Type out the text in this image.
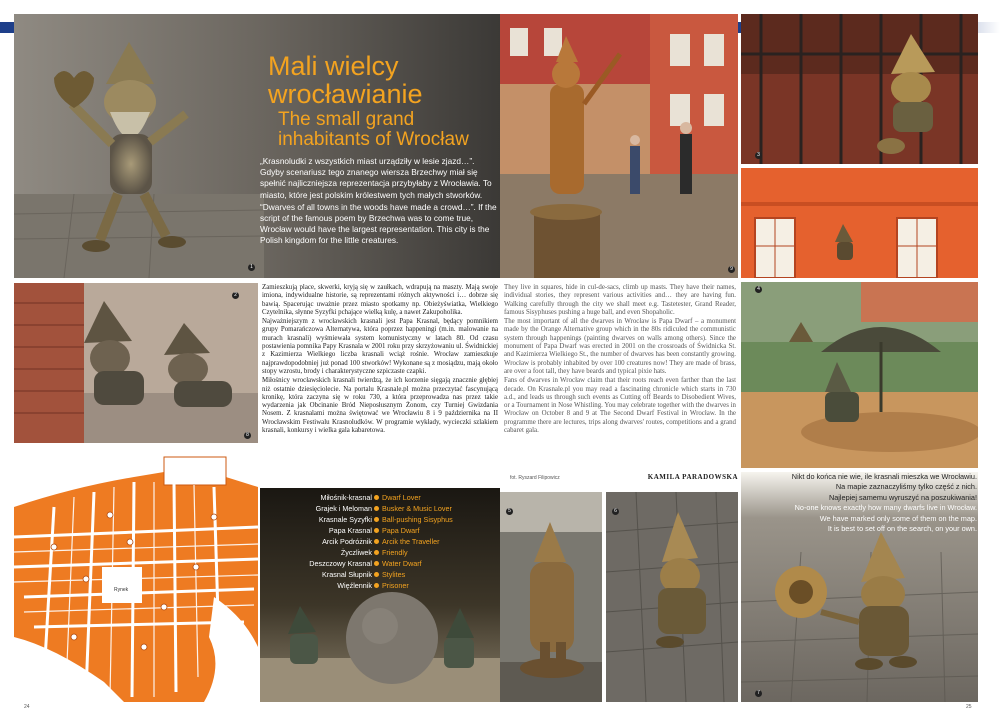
Mali wielcy wrocławianie
The small grand inhabitants of Wrocław

„Krasnoludki z wszystkich miast urządziły w lesie zjazd…”. Gdyby scenariusz tego znanego wiersza Brzechwy miał się spełnić najliczniejsza reprezentacja przybyłaby z Wrocławia. To miasto, które jest polskim królestwem tych małych stworków.

“Dwarves of all towns in the woods have made a crowd…”. If the script of the famous poem by Brzechwa was to come true, Wrocław would have the largest representation. This city is the Polish kingdom for the little creatures.

1
2
Rynek

Zamieszkują place, skwerki, kryją się w zaułkach, wdrapują na maszty. Mają swoje imiona, indywidualne historie, są reprezentami różnych aktywności i… dobrze się bawią. Spacerując uważnie przez miasto spotkamy np. Obieżyświatka, Wielkiego Czytelnika, słynne Syzyfki pchające wielką kulę, a nawet Zakupoholika.

Najważniejszym z wrocławskich krasnali jest Papa Krasnal, będący pomnikiem grupy Pomarańczowa Alternatywa, która poprzez happeningi (m.in. malowanie na murach krasnali) wyśmiewała system komunistyczny w latach 80. Od czasu postawienia pomnika Papy Krasnala w 2001 roku przy skrzyżowaniu ul. Świdnickiej z Kazimierza Wielkiego liczba krasnali wciąż rośnie. Wrocław zamieszkuje najprawdopodobniej już ponad 100 stworków! Wykonane są z mosiądzu, mają około stopy wzrostu, brody i charakterystyczne szpiczaste czapki.

Miłośnicy wrocławskich krasnali twierdzą, że ich korzenie sięgają znacznie głębiej niż ostatnie dziesięciolecie. Na portalu Krasnale.pl można przeczytać fascynującą kronikę, która zaczyna się w roku 730, a która przeprowadza nas przez takie wydarzenia jak Obcinanie Bród Nieposłusznym Żonom, czy Turniej Gwizdania Nosem. Z krasnalami można świętować we Wrocławiu 8 i 9 października na II Wrocławskim Festiwalu Krasnoludków. W programie wykłady, wycieczki szlakiem krasnali, konkursy i wielka gala kabaretowa.

Miłośnik-krasnal Dwarf Lover
Grajek i Meloman Busker & Music Lover
Krasnale Syzyfki Ball-pushing Sisyphus
Papa Krasnal Papa Dwarf
Arcik Podróżnik Arcik the Traveller
Życzliwek Friendly
Deszczowy Krasnal Water Dwarf
Krasnal Słupnik Stylites
Więźlennik Prisoner
24
3

They live in squares, hide in cul-de-sacs, climb up masts. They have their names, individual stories, they represent various activities and… they are having fun. Walking carefully through the city we shall meet e.g. Tastetester, Grand Reader, famous Sisyphuses pushing a huge ball, and even Shopaholic.

The most important of all the dwarves in Wrocław is Papa Dwarf – a monument made by the Orange Alternative group which in the 80s ridiculed the communistic system through happenings (painting dwarves on walls among others). Since the monument of Papa Dwarf was erected in 2001 on the crossroads of Świdnicka St. and Kazimierza Wielkiego St., the number of dwarves has been constantly growing. Wrocław is probably inhabited by over 100 creatures now! They are made of brass, are over a foot tall, they have beards and typical pixie hats.

Fans of dwarves in Wrocław claim that their roots reach even farther than the last decade. On Krasnale.pl you may read a fascinating chronicle which starts in 730 a.d., and leads us through such events as Cutting off Beards to Disobedient Wives, or a Tournament in Nose Whistling. You may celebrate together with the dwarves in Wrocław on October 8 and 9 at The Second Dwarf Festival in Wrocław. In the programme there are lectures, trips along dwarves' routes, competitions and a grand cabaret gala.

fot. Ryszard Filipowicz	KAMILA PARADOWSKA
4
5	6
Nikt do końca nie wie, ile krasnali mieszka we Wrocławiu.
Na mapie zaznaczyliśmy tylko część z nich.
Najlepiej samemu wyruszyć na poszukiwania!
No-one knows exactly how many dwarfs live in Wrocław.
We have marked only some of them on the map.
It is best to set off on the search, on your own.
7
8
9
25
